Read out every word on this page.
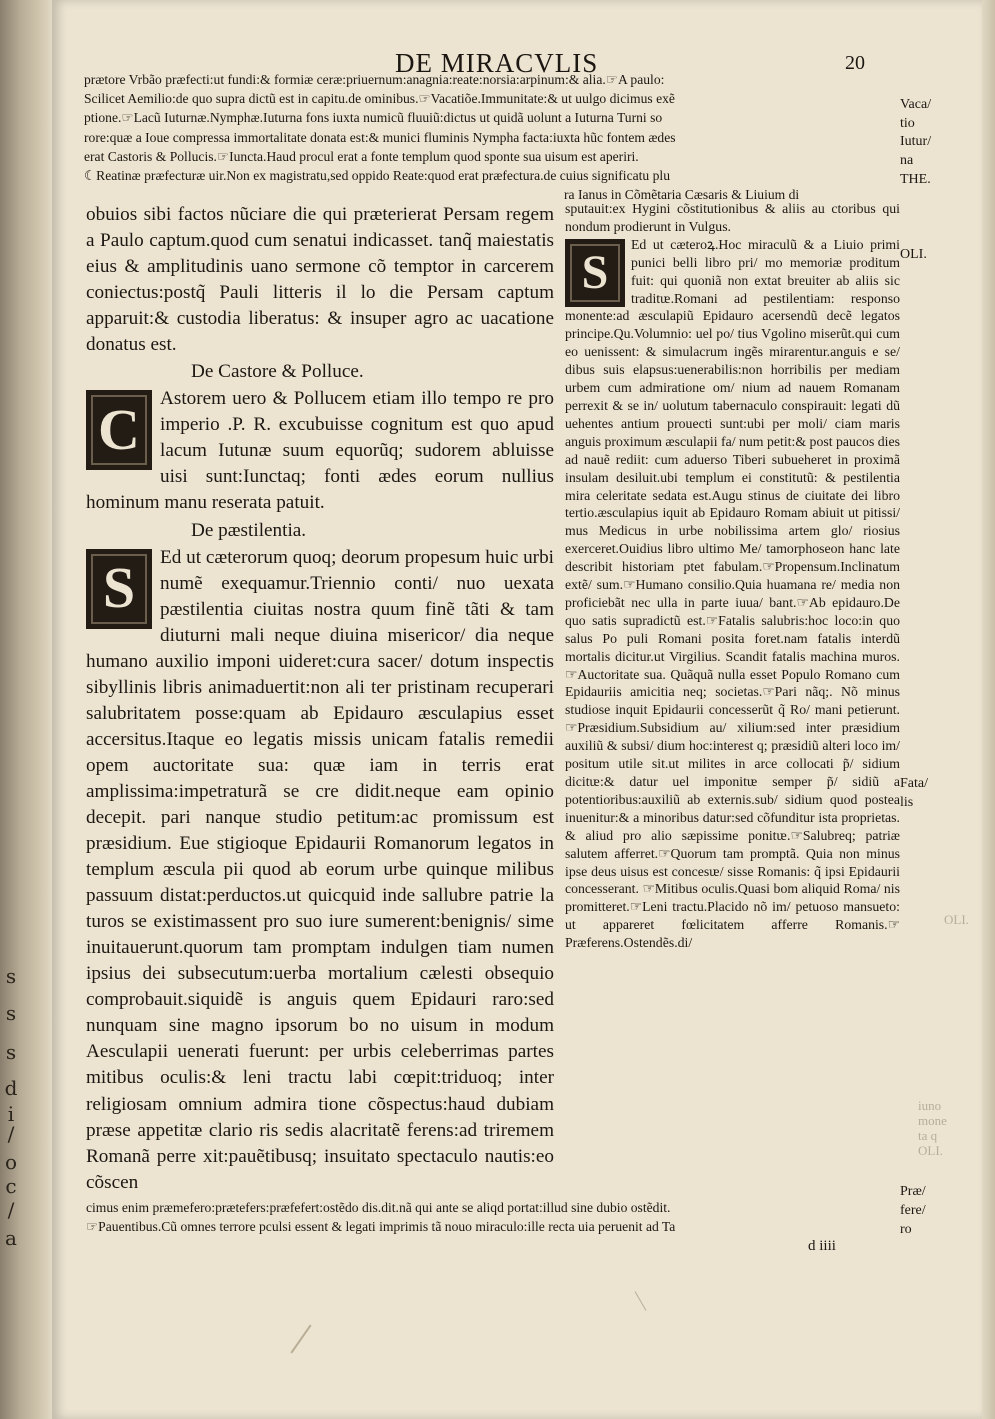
s
s
s
d
i
/
o
c
/
a
DE MIRACVLIS	20

prætore Vrbão præfecti:ut fundi:& formiæ ceræ:priuernum:anagnia:reate:norsia:arpinum:& alia.☞A paulo:

Scilicet Aemilio:de quo supra dictũ est in capitu.de ominibus.☞Vacatiõe.Immunitate:& ut uulgo dicimus exẽ

ptione.☞Lacũ Iuturnæ.Nymphæ.Iuturna fons iuxta numicũ fluuiũ:dictus ut quidã uolunt a Iuturna Turni so

rore:quæ a Ioue compressa immortalitate donata est:& munici fluminis Nympha facta:iuxta hũc fontem ædes

erat Castoris & Pollucis.☞Iuncta.Haud procul erat a fonte templum quod sponte sua uisum est aperiri.

☾Reatinæ præfecturæ uir.Non ex magistratu,sed oppido Reate:quod erat præfectura.de cuius significatu plu

ra Ianus in Cõmẽtaria Cæsaris & Liuium di

Vaca/
tio
Iutur/
na
THE.
OLI.
Fata/
lis
Præ/
fere/
ro

obuios sibi factos nũciare die qui præterierat Persam regem a Paulo captum.quod cum senatui indicasset. tanq̃ maiestatis eius & amplitudinis uano sermone cõ temptor in carcerem coniectus:postq̃ Pauli litteris il lo die Persam captum apparuit:& custodia liberatus: & insuper agro ac uacatione donatus est.

De Castore & Polluce.
C	Astorem uero & Pollucem etiam illo tempo re pro imperio .P. R. excubuisse cognitum est quo apud lacum Iutunæ suum equorũq; sudorem abluisse uisi sunt:Iunctaq; fonti ædes eorum nullius hominum manu reserata patuit.

De pæstilentia.
S	Ed ut cæterorum quoq; deorum propesum huic urbi numẽ exequamur.Triennio conti/ nuo uexata pæstilentia ciuitas nostra quum finẽ tãti & tam diuturni mali neque diuina misericor/ dia neque humano auxilio imponi uideret:cura sacer/ dotum inspectis sibyllinis libris animaduertit:non ali ter pristinam recuperari salubritatem posse:quam ab Epidauro æsculapius esset accersitus.Itaque eo legatis missis unicam fatalis remedii opem auctoritate sua: quæ iam in terris erat amplissima:impetraturã se cre didit.neque eam opinio decepit. pari nanque studio petitum:ac promissum est præsidium. Eue stigioque Epidaurii Romanorum legatos in templum æscula pii quod ab eorum urbe quinque milibus passuum distat:perductos.ut quicquid inde sallubre patrie la turos se existimassent pro suo iure sumerent:benignis/ sime inuitauerunt.quorum tam promptam indulgen tiam numen ipsius dei subsecutum:uerba mortalium cælesti obsequio comprobauit.siquidẽ is anguis quem Epidauri raro:sed nunquam sine magno ipsorum bo no uisum in modum Aesculapii uenerati fuerunt: per urbis celeberrimas partes mitibus oculis:& leni tractu labi cœpit:triduoq; inter religiosam omnium admira tione cõspectus:haud dubiam præse appetitæ clario ris sedis alacritatẽ ferens:ad triremem Romanã perre xit:pauẽtibusq; insuitato spectaculo nautis:eo cõscen

sputauit:ex Hygini cõstitutionibus & aliis au ctoribus qui nondum prodierunt in Vulgus.

S

Ed ut cæteroꝝ.Hoc miraculũ & a Liuio primi punici belli libro pri/ mo memoriæ proditum fuit: qui quoniã non extat breuiter ab aliis sic traditᵫ.Romani ad pestilentiam: responso monente:ad æsculapiũ Epidauro acersendũ decẽ legatos principe.Qu.Volumnio: uel po/ tius Vgolino miserũt.qui cum eo uenissent: & simulacrum ingẽs mirarentur.anguis e se/ dibus suis elapsus:uenerabilis:non horribilis per mediam urbem cum admiratione om/ nium ad nauem Romanam perrexit & se in/ uolutum tabernaculo conspirauit: legati dũ uehentes antium prouecti sunt:ubi per moli/ ciam maris anguis proximum æsculapii fa/ num petit:& post paucos dies ad nauẽ rediit: cum aduerso Tiberi subueheret in proximã insulam desiluit.ubi templum ei constitutũ: & pestilentia mira celeritate sedata est.Augu stinus de ciuitate dei libro tertio.æsculapius iquit ab Epidauro Romam abiuit ut pitissi/ mus Medicus in urbe nobilissima artem glo/ riosius exerceret.Ouidius libro ultimo Me/ tamorphoseon hanc late describit historiam ptet fabulam.☞Propensum.Inclinatum extẽ/ sum.☞Humano consilio.Quia huamana re/ media non proficiebãt nec ulla in parte iuua/ bant.☞Ab epidauro.De quo satis supradictũ est.☞Fatalis salubris:hoc loco:in quo salus Po puli Romani posita foret.nam fatalis interdũ mortalis dicitur.ut Virgilius. Scandit fatalis machina muros.☞Auctoritate sua. Quãquã nulla esset Populo Romano cum Epidauriis amicitia neq; societas.☞Pari nãq;. Nõ minus studiose inquit Epidaurii concesserũt q̃ Ro/ mani petierunt.☞Præsidium.Subsidium au/ xilium:sed inter præsidium auxiliũ & subsi/ dium hoc:interest q; præsidiũ alteri loco im/ positum utile sit.ut milites in arce collocati p̃/ sidium dicitᵫ:& datur uel imponitᵫ semper p̃/ sidiũ a potentioribus:auxiliũ ab externis.sub/ sidium quod postea inuenitur:& a minoribus datur:sed cõfunditur ista proprietas. & aliud pro alio sæpissime ponitᵫ.☞Salubreq; patriæ salutem afferret.☞Quorum tam promptã. Quia non minus ipse deus uisus est concesᵫ/ sisse Romanis: q̃ ipsi Epidaurii concesserant. ☞Mitibus oculis.Quasi bom aliquid Roma/ nis promitteret.☞Leni tractu.Placido nõ im/ petuoso mansueto: ut appareret fœlicitatem afferre Romanis.☞Præferens.Ostendẽs.di/

cimus enim præmefero:prætefers:præfefert:ostẽdo dis.dit.nã qui ante se aliqd portat:illud sine dubio ostẽdit.

☞Pauentibus.Cũ omnes terrore pculsi essent & legati imprimis tã nouo miraculo:ille recta uia peruenit ad Ta

d iiii
OLI.
iuno
mone
ta q
OLI.
